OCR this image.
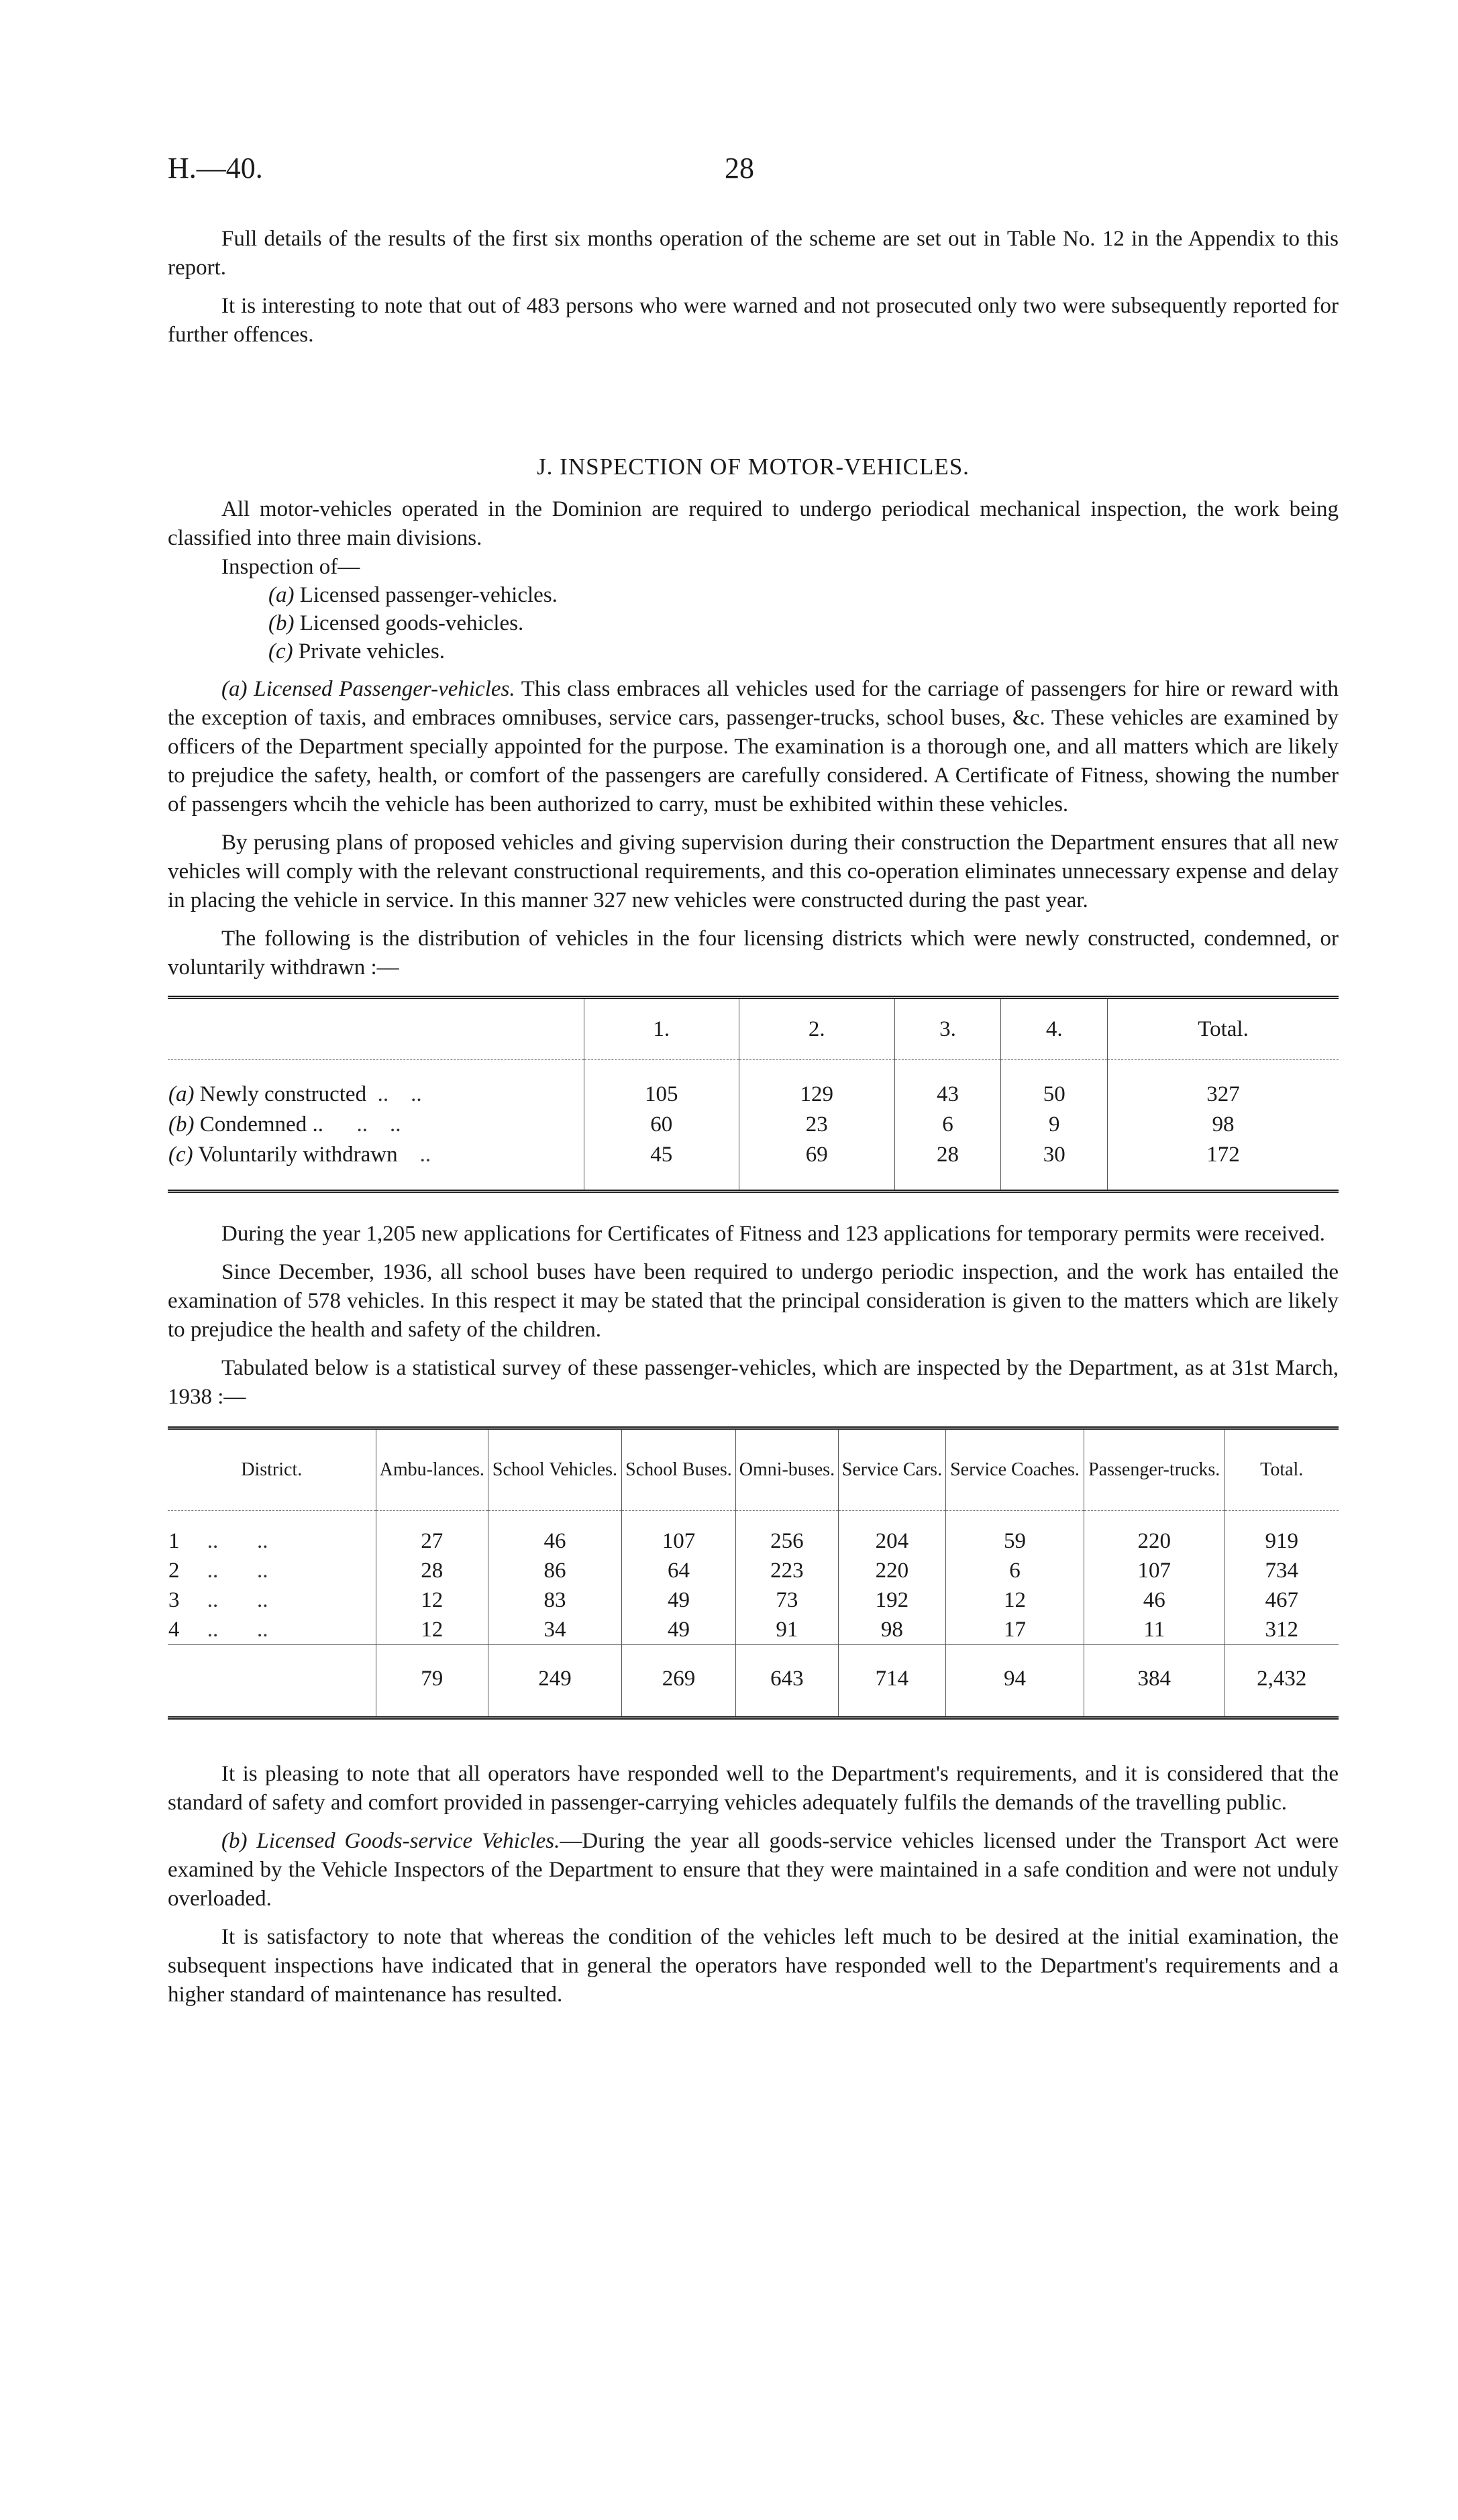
H.—40.	28

Full details of the results of the first six months operation of the scheme are set out in Table No. 12 in the Appendix to this report.

It is interesting to note that out of 483 persons who were warned and not prosecuted only two were subsequently reported for further offences.

J. INSPECTION OF MOTOR-VEHICLES.

All motor-vehicles operated in the Dominion are required to undergo periodical mechanical inspection, the work being classified into three main divisions.

Inspection of—
(a) Licensed passenger-vehicles.
(b) Licensed goods-vehicles.
(c) Private vehicles.

(a) Licensed Passenger-vehicles. This class embraces all vehicles used for the carriage of passengers for hire or reward with the exception of taxis, and embraces omnibuses, service cars, passenger-trucks, school buses, &c. These vehicles are examined by officers of the Department specially appointed for the purpose. The examination is a thorough one, and all matters which are likely to prejudice the safety, health, or comfort of the passengers are carefully considered. A Certificate of Fitness, showing the number of passengers whcih the vehicle has been authorized to carry, must be exhibited within these vehicles.

By perusing plans of proposed vehicles and giving supervision during their construction the Department ensures that all new vehicles will comply with the relevant constructional requirements, and this co-operation eliminates unnecessary expense and delay in placing the vehicle in service. In this manner 327 new vehicles were constructed during the past year.

The following is the distribution of vehicles in the four licensing districts which were newly constructed, condemned, or voluntarily withdrawn :—

	1.	2.	3.	4.	Total.
(a) Newly constructed  ..    ..	105	129	43	50	327
(b) Condemned ..      ..    ..	60	23	6	9	98
(c) Voluntarily withdrawn    ..	45	69	28	30	172

During the year 1,205 new applications for Certificates of Fitness and 123 applications for temporary permits were received.

Since December, 1936, all school buses have been required to undergo periodic inspection, and the work has entailed the examination of 578 vehicles. In this respect it may be stated that the principal consideration is given to the matters which are likely to prejudice the health and safety of the children.

Tabulated below is a statistical survey of these passenger-vehicles, which are inspected by the Department, as at 31st March, 1938 :—

District.	Ambu-lances.	School Vehicles.	School Buses.	Omni-buses.	Service Cars.	Service Coaches.	Passenger-trucks.	Total.
1     ..       ..	27	46	107	256	204	59	220	919
2     ..       ..	28	86	64	223	220	6	107	734
3     ..       ..	12	83	49	73	192	12	46	467
4     ..       ..	12	34	49	91	98	17	11	312
	79	249	269	643	714	94	384	2,432

It is pleasing to note that all operators have responded well to the Department's requirements, and it is considered that the standard of safety and comfort provided in passenger-carrying vehicles adequately fulfils the demands of the travelling public.

(b) Licensed Goods-service Vehicles.—During the year all goods-service vehicles licensed under the Transport Act were examined by the Vehicle Inspectors of the Department to ensure that they were maintained in a safe condition and were not unduly overloaded.

It is satisfactory to note that whereas the condition of the vehicles left much to be desired at the initial examination, the subsequent inspections have indicated that in general the operators have responded well to the Department's requirements and a higher standard of maintenance has resulted.
